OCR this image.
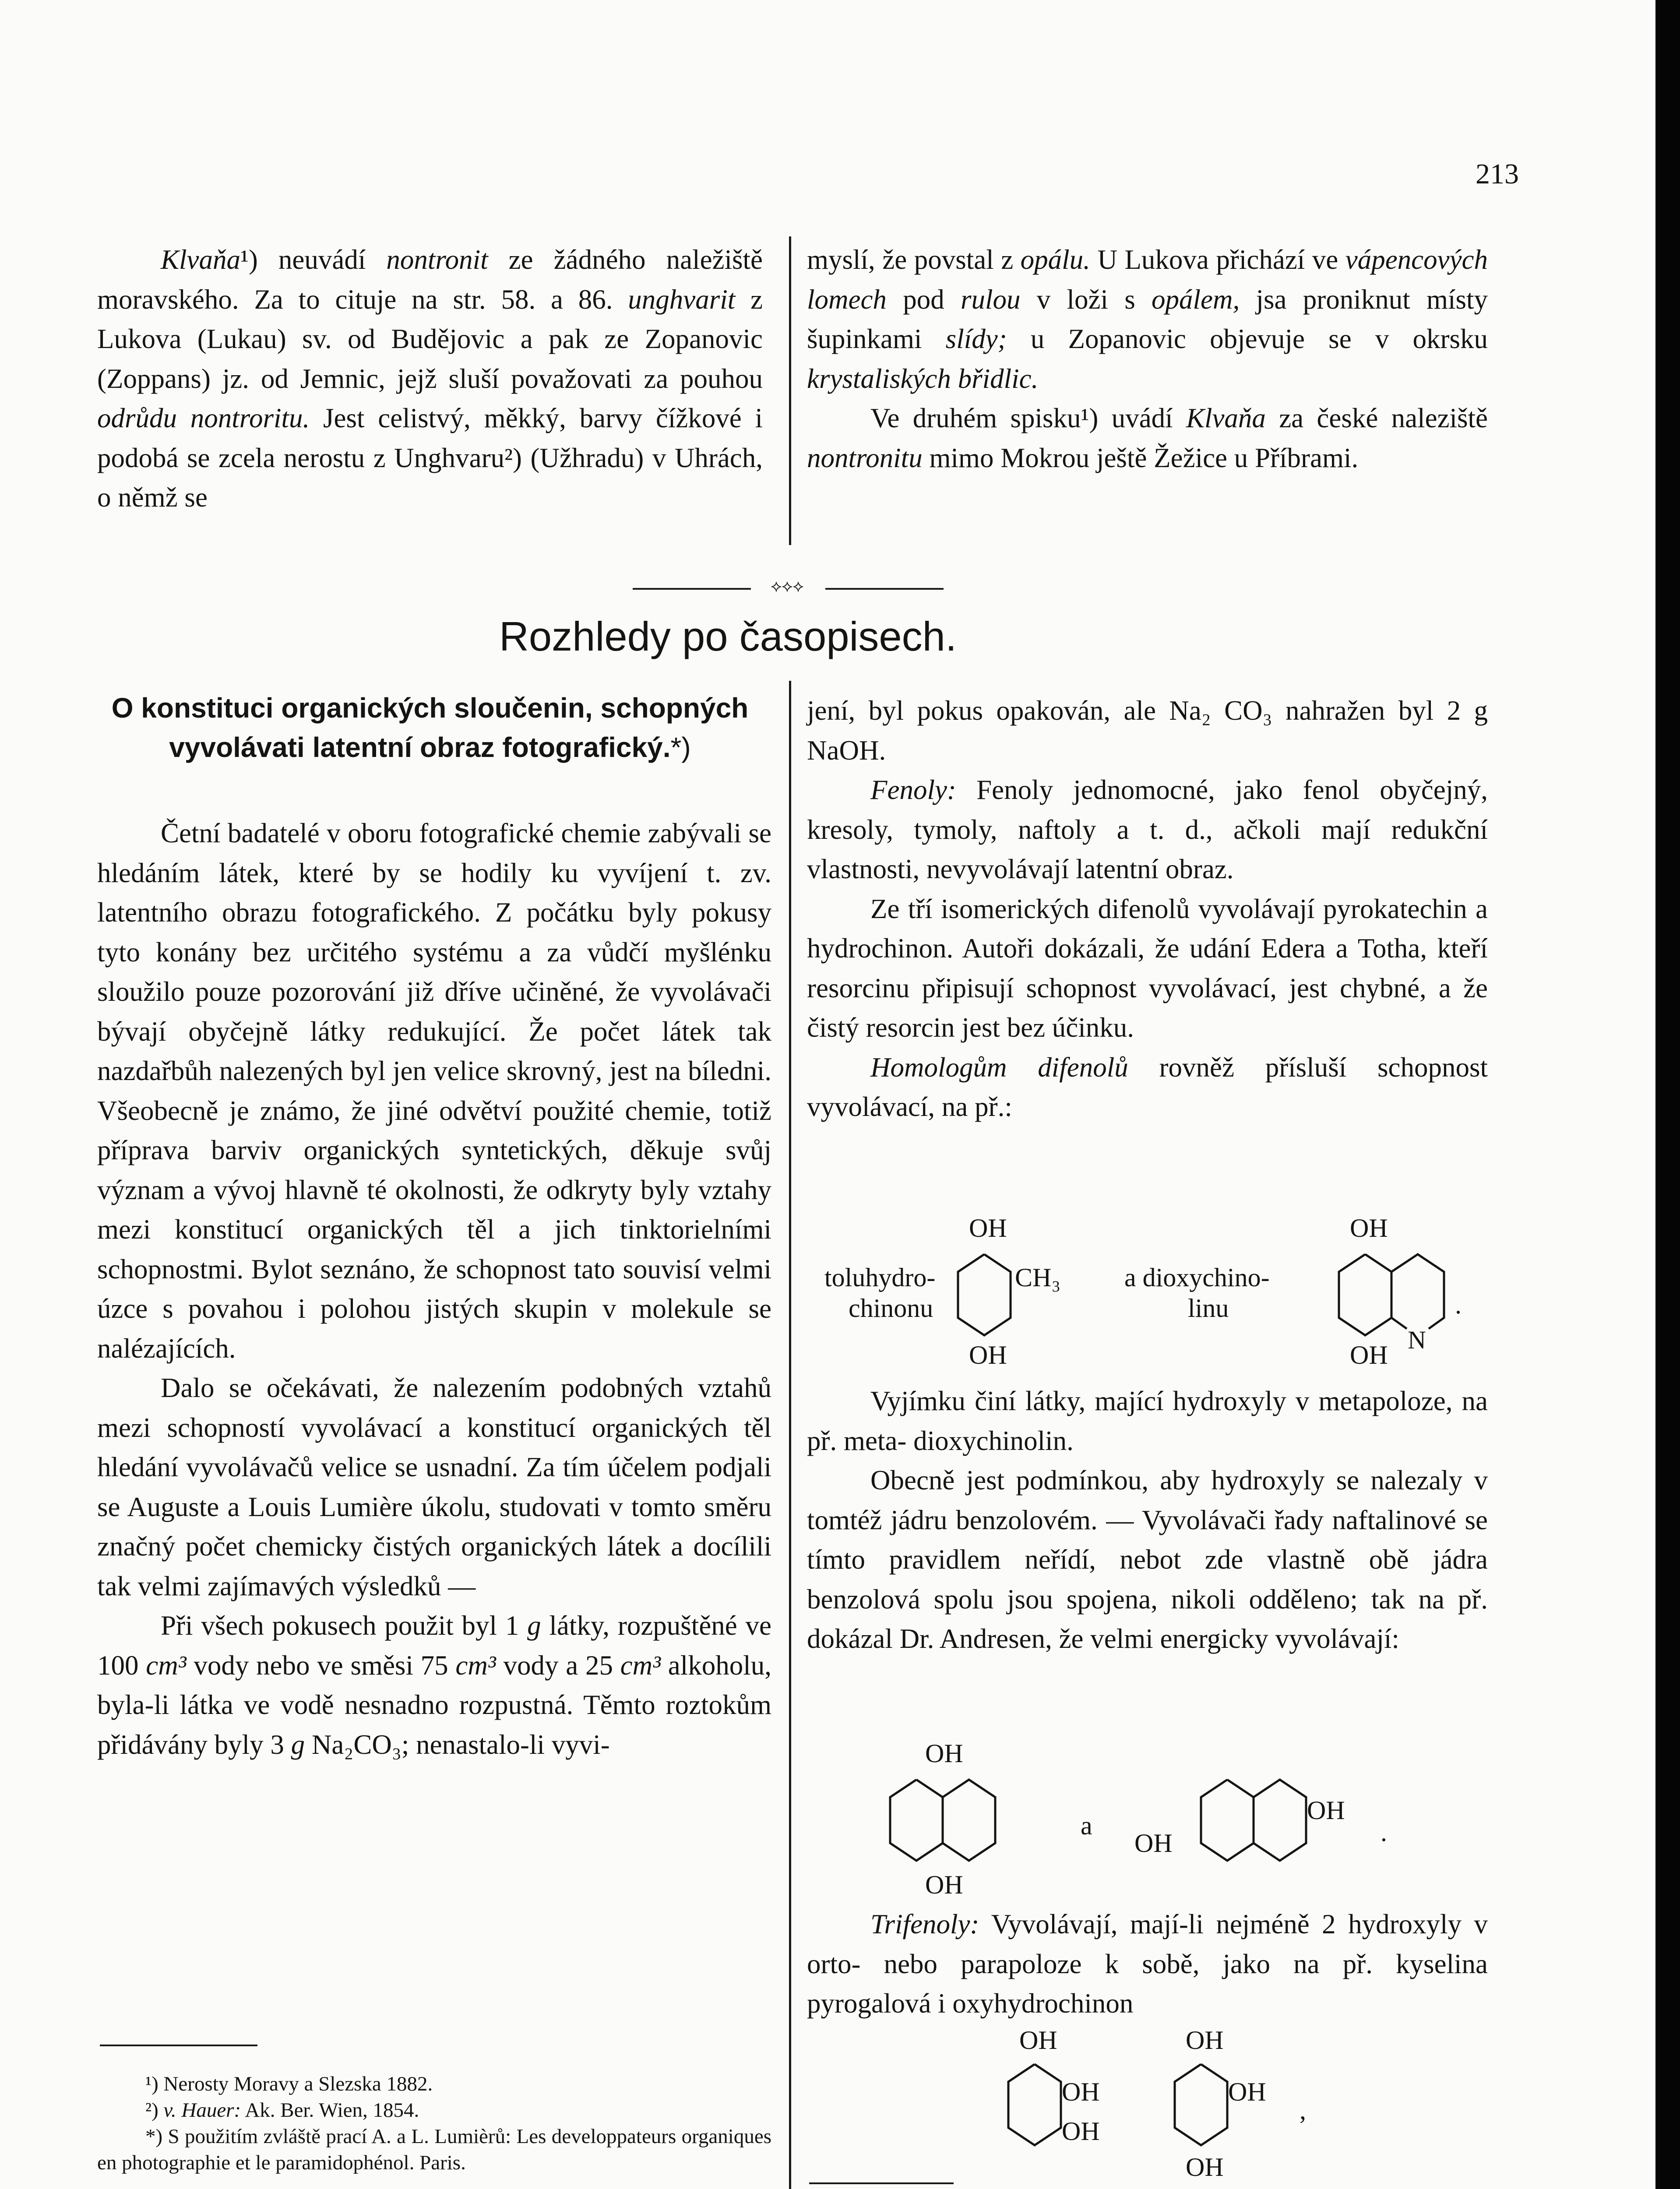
213

Klvaňa¹) neuvádí nontronit ze žádného naležiště moravského. Za to cituje na str. 58. a 86. unghvarit z Lukova (Lukau) sv. od Budějovic a pak ze Zopanovic (Zoppans) jz. od Jemnic, jejž sluší považovati za pouhou odrůdu nontroritu. Jest celistvý, měkký, barvy čížkové i podobá se zcela nerostu z Unghvaru²) (Užhradu) v Uhrách, o němž se

myslí, že povstal z opálu. U Lukova přichází ve vápencových lomech pod rulou v loži s opálem, jsa proniknut místy šupinkami slídy; u Zopanovic objevuje se v okrsku krystaliských břidlic.

Ve druhém spisku¹) uvádí Klvaňa za české naleziště nontronitu mimo Mokrou ještě Žežice u Příbrami.

⟡⟡⟡
Rozhledy po časopisech.
O konstituci organických sloučenin, schopných vyvolávati latentní obraz fotografický.*)

Četní badatelé v oboru fotografické chemie zabývali se hledáním látek, které by se hodily ku vyvíjení t. zv. latentního obrazu fotografického. Z počátku byly pokusy tyto konány bez určitého systému a za vůdčí myšlénku sloužilo pouze pozorování již dříve učiněné, že vyvolávači bývají obyčejně látky redukující. Že počet látek tak nazdařbůh nalezených byl jen velice skrovný, jest na bíledni. Všeobecně je známo, že jiné odvětví použité chemie, totiž příprava barviv organických syntetických, děkuje svůj význam a vývoj hlavně té okolnosti, že odkryty byly vztahy mezi konstitucí organických těl a jich tinktorielními schopnostmi. Bylot seznáno, že schopnost tato souvisí velmi úzce s povahou i polohou jistých skupin v molekule se nalézajících.

Dalo se očekávati, že nalezením podobných vztahů mezi schopností vyvolávací a konstitucí organických těl hledání vyvolávačů velice se usnadní. Za tím účelem podjali se Auguste a Louis Lumière úkolu, studovati v tomto směru značný počet chemicky čistých organických látek a docílili tak velmi zajímavých výsledků —

Při všech pokusech použit byl 1 g látky, rozpuštěné ve 100 cm³ vody nebo ve směsi 75 cm³ vody a 25 cm³ alkoholu, byla-li látka ve vodě nesnadno rozpustná. Těmto roztokům přidávány byly 3 g Na₂CO₃; nenastalo-li vyvi-

¹) Nerosty Moravy a Slezska 1882.

²) v. Hauer: Ak. Ber. Wien, 1854.

*) S použitím zvláště prací A. a L. Lumièrů: Les developpateurs organiques en photographie et le paramidophénol. Paris.

jení, byl pokus opakován, ale Na₂ CO₃ nahražen byl 2 g NaOH.

Fenoly: Fenoly jednomocné, jako fenol obyčejný, kresoly, tymoly, naftoly a t. d., ačkoli mají redukční vlastnosti, nevyvolávají latentní obraz.

Ze tří isomerických difenolů vyvolávají pyrokatechin a hydrochinon. Autoři dokázali, že udání Edera a Totha, kteří resorcinu připisují schopnost vyvolávací, jest chybné, a že čistý resorcin jest bez účinku.

Homologům difenolů rovněž přísluší schopnost vyvolávací, na př.:

toluhydro-
chinonu
OH
CH₃
OH
a dioxychino-
linu
OH
N
OH
.

Vyjímku činí látky, mající hydroxyly v metapoloze, na př. meta- dioxychinolin.

Obecně jest podmínkou, aby hydroxyly se nalezaly v tomtéž jádru benzolovém. — Vyvolávači řady naftalinové se tímto pravidlem neřídí, nebot zde vlastně obě jádra benzolová spolu jsou spojena, nikoli odděleno; tak na př. dokázal Dr. Andresen, že velmi energicky vyvolávají:

OH
OH
a
OH
OH
.

Trifenoly: Vyvolávají, mají-li nejméně 2 hydroxyly v orto- nebo parapoloze k sobě, jako na př. kyselina pyrogalová i oxyhydrochinon

OH
OH
OH
OH
OH
OH
,
